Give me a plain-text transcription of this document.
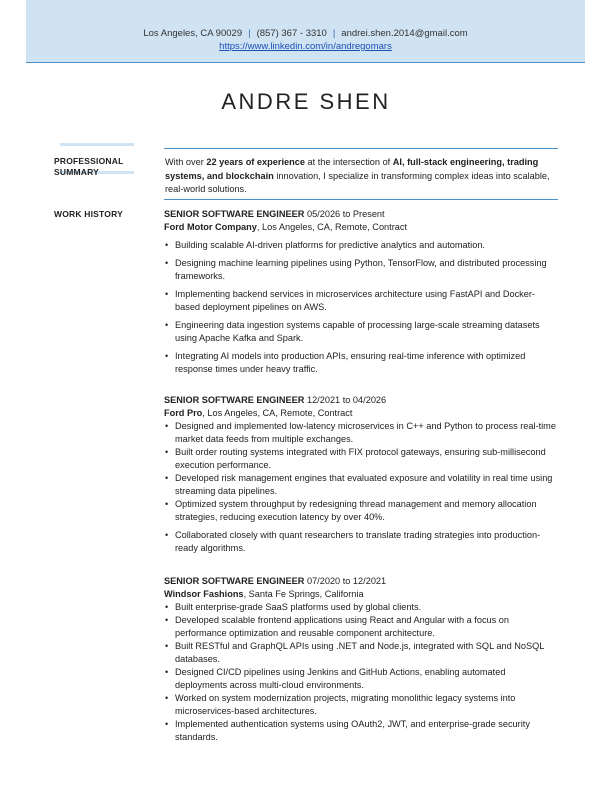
Los Angeles, CA 90029 | (857) 367 - 3310 | andrei.shen.2014@gmail.com
https://www.linkedin.com/in/andregomars
ANDRE SHEN
PROFESSIONAL
SUMMARY
With over 22 years of experience at the intersection of AI, full-stack engineering, trading systems, and blockchain innovation, I specialize in transforming complex ideas into scalable, real-world solutions.
WORK HISTORY	SENIOR SOFTWARE ENGINEER 05/2026 to Present
Ford Motor Company, Los Angeles, CA, Remote, Contract
• Building scalable AI-driven platforms for predictive analytics and automation.
• Designing machine learning pipelines using Python, TensorFlow, and distributed processing frameworks.
• Implementing backend services in microservices architecture using FastAPI and Docker-based deployment pipelines on AWS.
• Engineering data ingestion systems capable of processing large-scale streaming datasets using Apache Kafka and Spark.
• Integrating AI models into production APIs, ensuring real-time inference with optimized response times under heavy traffic.
SENIOR SOFTWARE ENGINEER 12/2021 to 04/2026
Ford Pro, Los Angeles, CA, Remote, Contract
• Designed and implemented low-latency microservices in C++ and Python to process real-time market data feeds from multiple exchanges.
• Built order routing systems integrated with FIX protocol gateways, ensuring sub-millisecond execution performance.
• Developed risk management engines that evaluated exposure and volatility in real time using streaming data pipelines.
• Optimized system throughput by redesigning thread management and memory allocation strategies, reducing execution latency by over 40%.
• Collaborated closely with quant researchers to translate trading strategies into production-ready algorithms.
SENIOR SOFTWARE ENGINEER 07/2020 to 12/2021
Windsor Fashions, Santa Fe Springs, California
• Built enterprise-grade SaaS platforms used by global clients.
• Developed scalable frontend applications using React and Angular with a focus on performance optimization and reusable component architecture.
• Built RESTful and GraphQL APIs using .NET and Node.js, integrated with SQL and NoSQL databases.
• Designed CI/CD pipelines using Jenkins and GitHub Actions, enabling automated deployments across multi-cloud environments.
• Worked on system modernization projects, migrating monolithic legacy systems into microservices-based architectures.
• Implemented authentication systems using OAuth2, JWT, and enterprise-grade security standards.
